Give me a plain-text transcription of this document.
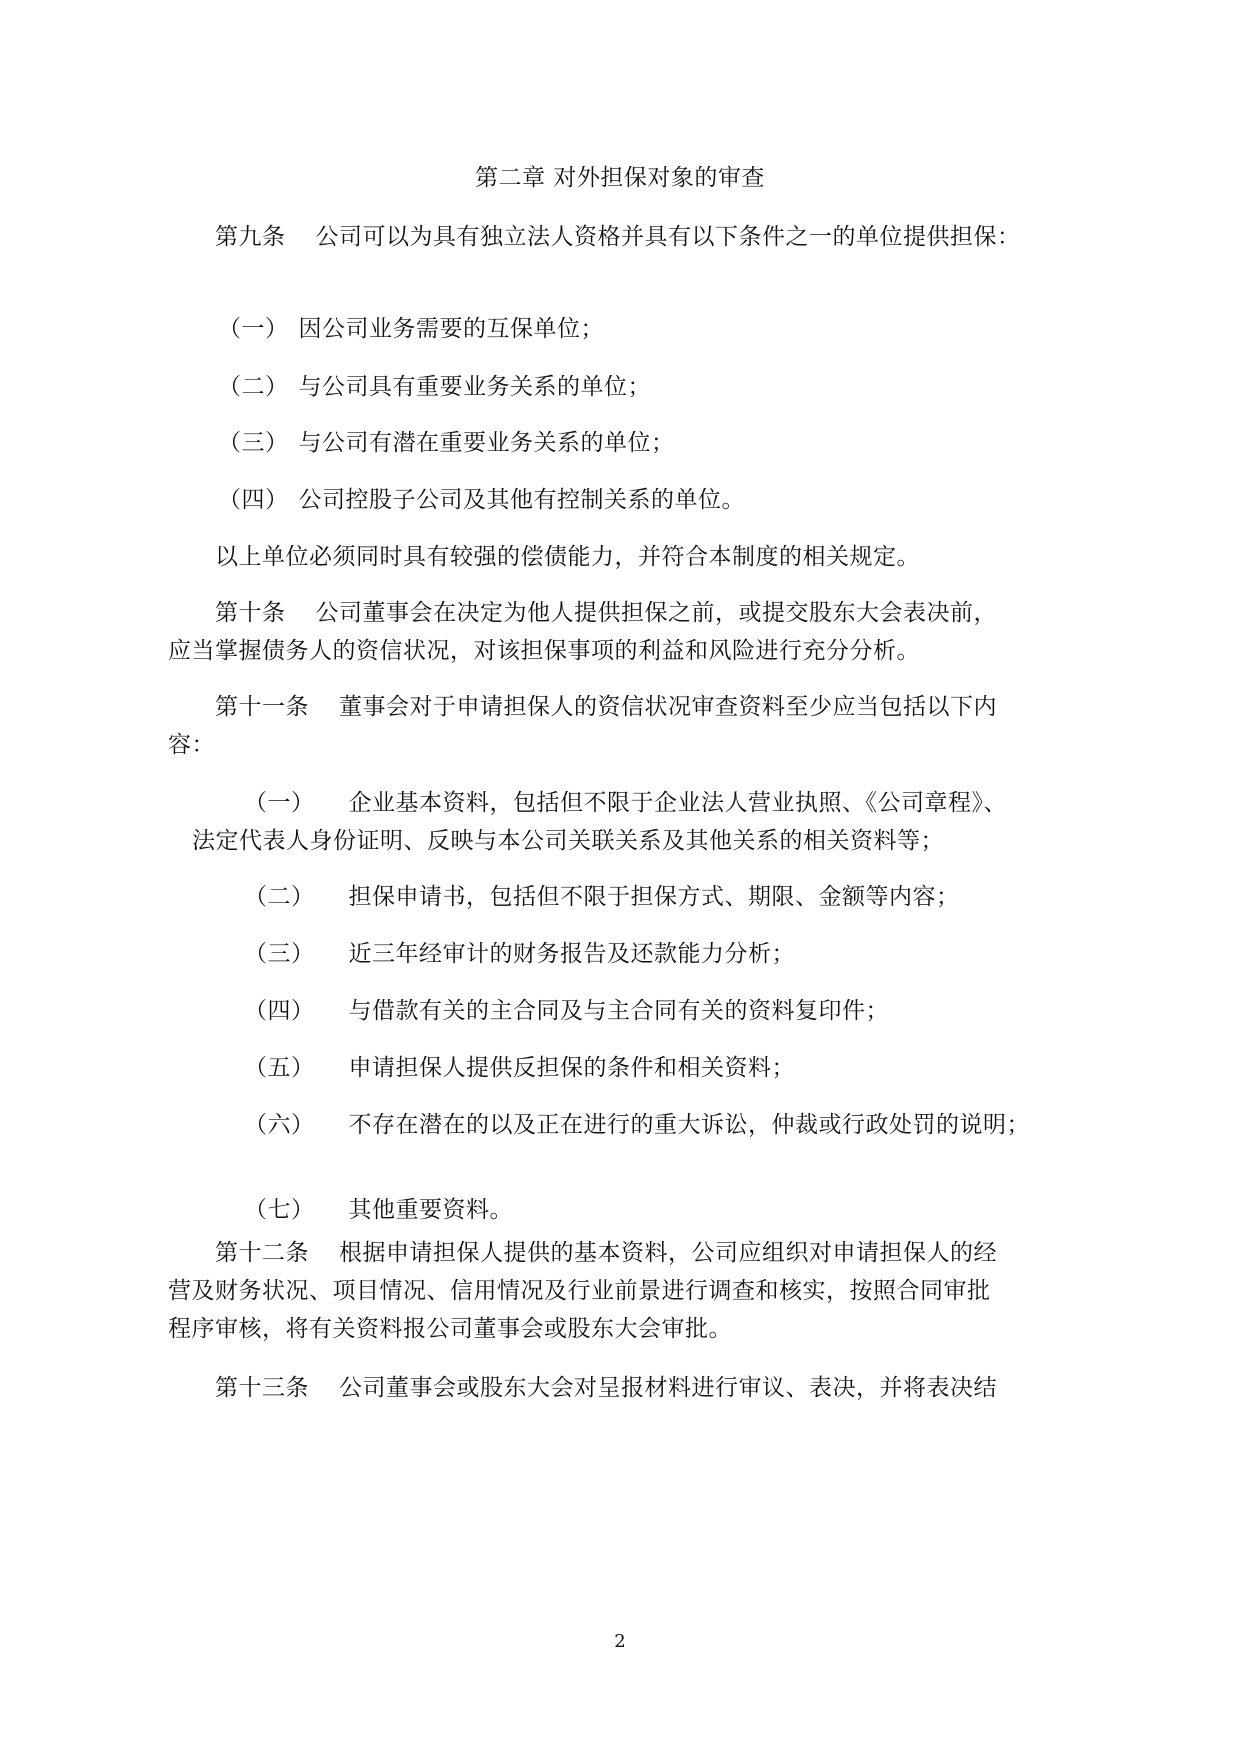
第二章 对外担保对象的审查
第九条 公司可以为具有独立法人资格并具有以下条件之一的单位提供担保：
（一） 因公司业务需要的互保单位；
（二） 与公司具有重要业务关系的单位；
（三） 与公司有潜在重要业务关系的单位；
（四） 公司控股子公司及其他有控制关系的单位。
以上单位必须同时具有较强的偿债能力，并符合本制度的相关规定。
第十条 公司董事会在决定为他人提供担保之前，或提交股东大会表决前，
应当掌握债务人的资信状况，对该担保事项的利益和风险进行充分分析。
第十一条 董事会对于申请担保人的资信状况审查资料至少应当包括以下内
容：
（一） 企业基本资料，包括但不限于企业法人营业执照、《公司章程》、
法定代表人身份证明、反映与本公司关联关系及其他关系的相关资料等；
（二） 担保申请书，包括但不限于担保方式、期限、金额等内容；
（三） 近三年经审计的财务报告及还款能力分析；
（四） 与借款有关的主合同及与主合同有关的资料复印件；
（五） 申请担保人提供反担保的条件和相关资料；
（六） 不存在潜在的以及正在进行的重大诉讼，仲裁或行政处罚的说明；
（七） 其他重要资料。
第十二条 根据申请担保人提供的基本资料，公司应组织对申请担保人的经
营及财务状况、项目情况、信用情况及行业前景进行调查和核实，按照合同审批
程序审核，将有关资料报公司董事会或股东大会审批。
第十三条 公司董事会或股东大会对呈报材料进行审议、表决，并将表决结
2
